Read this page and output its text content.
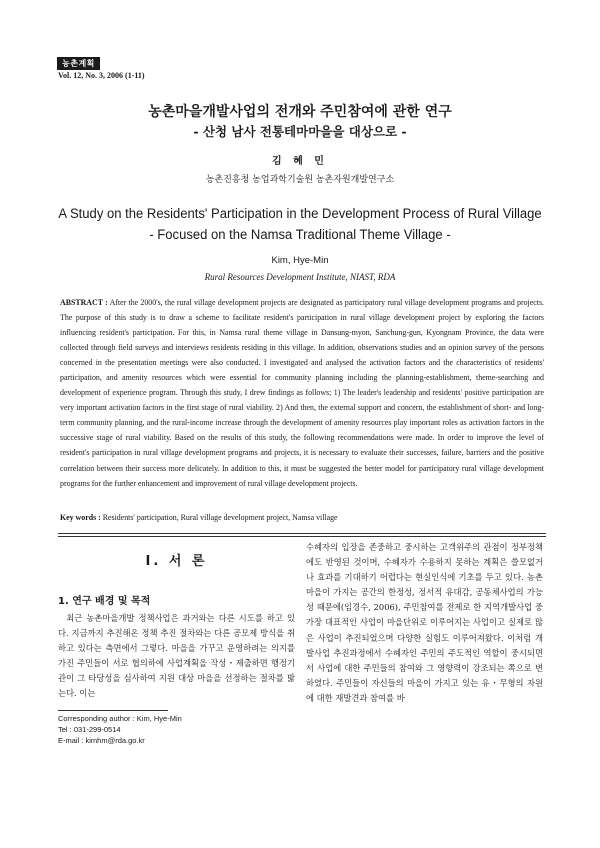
농촌계획
Vol. 12, No. 3, 2006 (1-11)
농촌마을개발사업의 전개와 주민참여에 관한 연구
- 산청 남사 전통테마마을을 대상으로 -
김 혜 민
농촌진흥청 농업과학기술원 농촌자원개발연구소
A Study on the Residents' Participation in the Development Process of Rural Village
- Focused on the Namsa Traditional Theme Village -
Kim, Hye-Min
Rural Resources Development Institute, NIAST, RDA
ABSTRACT : After the 2000's, the rural village development projects are designated as participatory rural village development programs and projects. The purpose of this study is to draw a scheme to facilitate resident's participation in rural village development project by exploring the factors influencing resident's participation. For this, in Namsa rural theme village in Dansung-myon, Sanchung-gun, Kyongnam Province, the data were collected through field surveys and interviews residents residing in this village. In addition, observations studies and an opinion survey of the persons concerned in the presentation meetings were also conducted. I investigated and analysed the activation factors and the characteristics of residents' participation, and amenity resources which were essential for community planning including the planning-establishment, theme-searching and development of experience program. Through this study, I drew findings as follows; 1) The leader's leadership and residents' positive participation are very important activation factors in the first stage of rural viability. 2) And then, the external support and concern, the establishment of short- and long-term community planning, and the rural-income increase through the development of amenity resources play important roles as activation factors in the successive stage of rural viability. Based on the results of this study, the following recommendations were made. In order to improve the level of resident's participation in rural village development programs and projects, it is necessary to evaluate their successes, failure, barriers and the positive correlation between their success more delicately. In addition to this, it must be suggested the better model for participatory rural village development programs for the further enhancement and improvement of rural village development projects.
Key words : Residents' participation, Rural village development project, Namsa village
I. 서 론
1. 연구 배경 및 목적
최근 농촌마을개발 정책사업은 과거와는 다른 시도를 하고 있다. 지금까지 추진해온 정책 추진 절차와는 다른 공모제 방식을 취하고 있다는 측면에서 그렇다. 마을을 가꾸고 운영하려는 의지를 가진 주민들이 서로 협의하에 사업계획을 작성・제출하면 행정기관이 그 타당성을 심사하여 지원 대상 마을을 선정하는 절차를 밟는다. 이는
Corresponding author : Kim, Hye-Min
Tel : 031-299-0514
E-mail : kimhm@rda.go.kr
수혜자의 입장을 존중하고 중시하는 고객위주의 관점이 정부정책에도 반영된 것이며, 수혜자가 수용하지 못하는 계획은 쓸모없거나 효과를 기대하기 어렵다는 현실인식에 기초를 두고 있다. 농촌마을이 가지는 공간의 한정성, 정서적 유대감, 공동체사업의 가능성 때문에(임경수, 2006), 주민참여를 전제로 한 지역개발사업 중 가장 대표적인 사업이 마을단위로 이루어지는 사업이고 실제로 많은 사업이 추진되었으며 다양한 실험도 이루어져왔다. 이처럼 개발사업 추진과정에서 수혜자인 주민의 주도적인 역할이 중시되면서 사업에 대한 주민들의 참여와 그 영향력이 강조되는 쪽으로 변하였다. 주민들이 자신들의 마을이 가지고 있는 유・무형의 자원에 대한 재발견과 참여를 바
